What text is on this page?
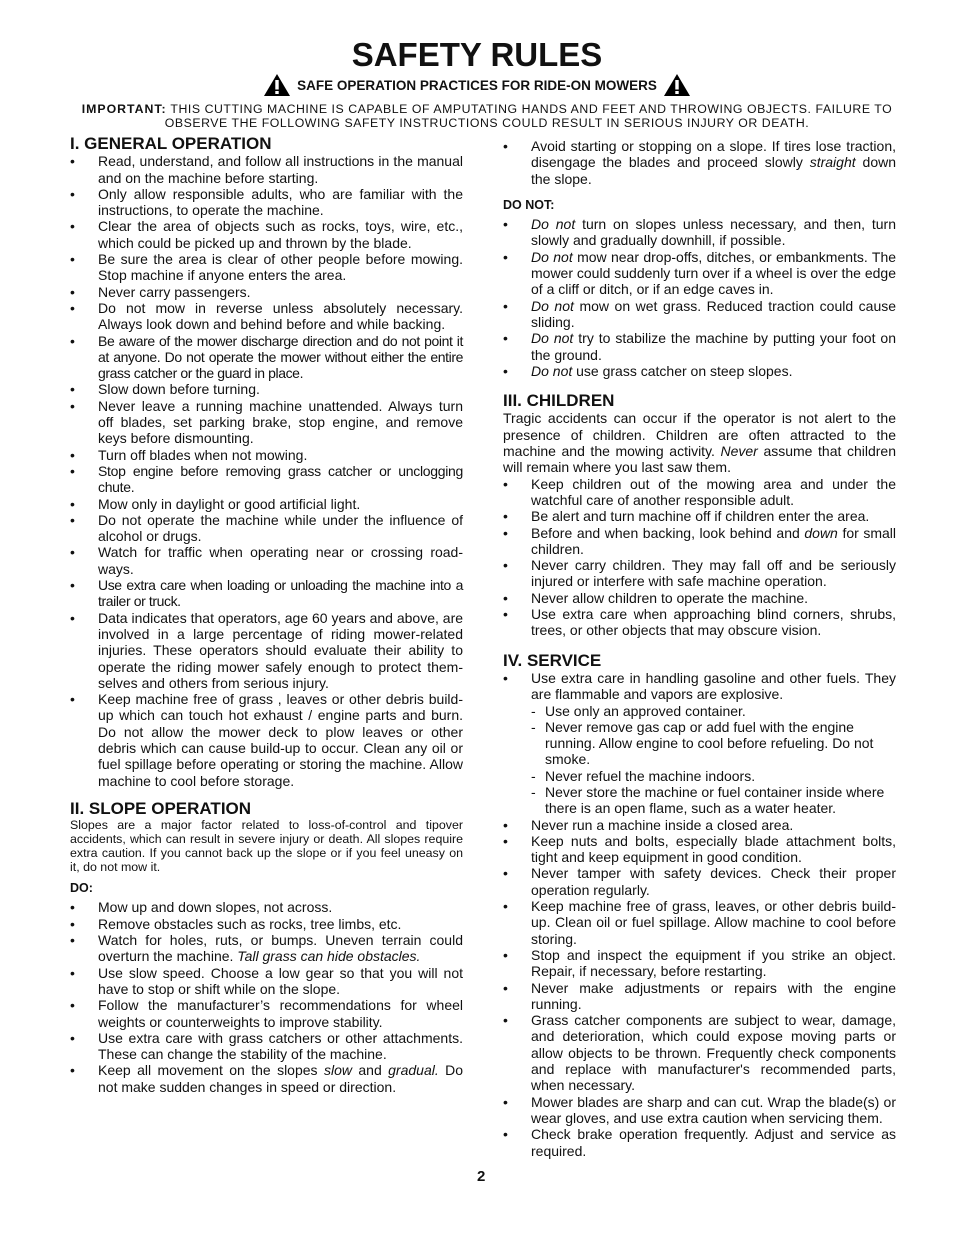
SAFETY RULES
SAFE OPERATION PRACTICES FOR RIDE-ON MOWERS
IMPORTANT: THIS CUTTING MACHINE IS CAPABLE OF AMPUTATING HANDS AND FEET AND THROWING OBJECTS. FAILURE TO OBSERVE THE FOLLOWING SAFETY INSTRUCTIONS COULD RESULT IN SERIOUS INJURY OR DEATH.
I. GENERAL OPERATION
• Read, understand, and follow all instructions in the manual and on the machine before starting.
• Only allow responsible adults, who are familiar with the instructions, to operate the machine.
• Clear the area of objects such as rocks, toys, wire, etc., which could be picked up and thrown by the blade.
• Be sure the area is clear of other people before mowing. Stop machine if anyone enters the area.
• Never carry passengers.
• Do not mow in reverse unless absolutely necessary. Always look down and behind before and while backing.
• Be aware of the mower discharge direction and do not point it at anyone. Do not operate the mower without either the entire grass catcher or the guard in place.
• Slow down before turning.
• Never leave a running machine unattended. Always turn off blades, set parking brake, stop engine, and remove keys before dismounting.
• Turn off blades when not mowing.
• Stop engine before removing grass catcher or unclogging chute.
• Mow only in daylight or good artificial light.
• Do not operate the machine while under the influence of alcohol or drugs.
• Watch for traffic when operating near or crossing road-ways.
• Use extra care when loading or unloading the machine into a trailer or truck.
• Data indicates that operators, age 60 years and above, are involved in a large percentage of riding mower-related injuries. These operators should evaluate their ability to operate the riding mower safely enough to protect them-selves and others from serious injury.
• Keep machine free of grass , leaves or other debris build-up which can touch hot exhaust / engine parts and burn. Do not allow the mower deck to plow leaves or other debris which can cause build-up to occur. Clean any oil or fuel spillage before operating or storing the machine. Allow machine to cool before storage.
II. SLOPE OPERATION
Slopes are a major factor related to loss-of-control and tipover accidents, which can result in severe injury or death. All slopes require extra caution. If you cannot back up the slope or if you feel uneasy on it, do not mow it.
DO:
• Mow up and down slopes, not across.
• Remove obstacles such as rocks, tree limbs, etc.
• Watch for holes, ruts, or bumps. Uneven terrain could overturn the machine. Tall grass can hide obstacles.
• Use slow speed. Choose a low gear so that you will not have to stop or shift while on the slope.
• Follow the manufacturer’s recommendations for wheel weights or counterweights to improve stability.
• Use extra care with grass catchers or other attachments. These can change the stability of the machine.
• Keep all movement on the slopes slow and gradual. Do not make sudden changes in speed or direction.
• Avoid starting or stopping on a slope. If tires lose traction, disengage the blades and proceed slowly straight down the slope.
DO NOT:
• Do not turn on slopes unless necessary, and then, turn slowly and gradually downhill, if possible.
• Do not mow near drop-offs, ditches, or embankments. The mower could suddenly turn over if a wheel is over the edge of a cliff or ditch, or if an edge caves in.
• Do not mow on wet grass. Reduced traction could cause sliding.
• Do not try to stabilize the machine by putting your foot on the ground.
• Do not use grass catcher on steep slopes.
III. CHILDREN
Tragic accidents can occur if the operator is not alert to the presence of children. Children are often attracted to the machine and the mowing activity. Never assume that children will remain where you last saw them.
• Keep children out of the mowing area and under the watchful care of another responsible adult.
• Be alert and turn machine off if children enter the area.
• Before and when backing, look behind and down for small children.
• Never carry children. They may fall off and be seriously injured or interfere with safe machine operation.
• Never allow children to operate the machine.
• Use extra care when approaching blind corners, shrubs, trees, or other objects that may obscure vision.
IV. SERVICE
• Use extra care in handling gasoline and other fuels. They are flammable and vapors are explosive.
- Use only an approved container.
- Never remove gas cap or add fuel with the engine running. Allow engine to cool before refueling. Do not smoke.
- Never refuel the machine indoors.
- Never store the machine or fuel container inside where there is an open flame, such as a water heater.
• Never run a machine inside a closed area.
• Keep nuts and bolts, especially blade attachment bolts, tight and keep equipment in good condition.
• Never tamper with safety devices. Check their proper operation regularly.
• Keep machine free of grass, leaves, or other debris build-up. Clean oil or fuel spillage. Allow machine to cool before storing.
• Stop and inspect the equipment if you strike an object. Repair, if necessary, before restarting.
• Never make adjustments or repairs with the engine running.
• Grass catcher components are subject to wear, damage, and deterioration, which could expose moving parts or allow objects to be thrown. Frequently check components and replace with manufacturer's recommended parts, when necessary.
• Mower blades are sharp and can cut. Wrap the blade(s) or wear gloves, and use extra caution when servicing them.
• Check brake operation frequently. Adjust and service as required.
2
